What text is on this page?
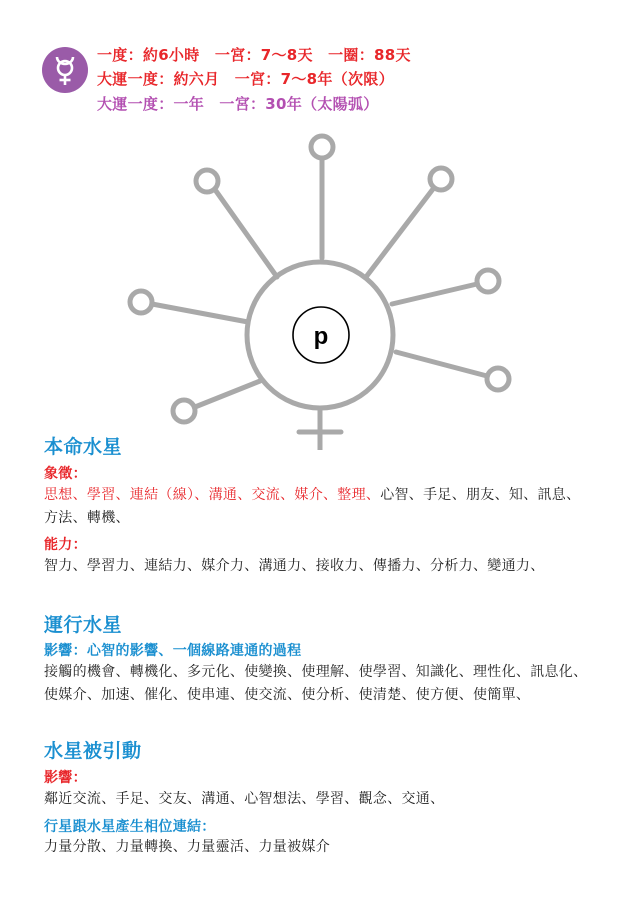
一度：約6小時　一宮：7～8天　一圈：88天
大運一度：約六月　一宮：7～8年（次限）
大運一度：一年　一宮：30年（太陽弧）
p
本命水星
象徵：
思想、學習、連結（線）、溝通、交流、媒介、整理、心智、手足、朋友、知、訊息、方法、轉機、
能力：
智力、學習力、連結力、媒介力、溝通力、接收力、傳播力、分析力、變通力、
運行水星
影響：心智的影響、一個線路連通的過程
接觸的機會、轉機化、多元化、使變換、使理解、使學習、知識化、理性化、訊息化、使媒介、加速、催化、使串連、使交流、使分析、使清楚、使方便、使簡單、
水星被引動
影響：
鄰近交流、手足、交友、溝通、心智想法、學習、觀念、交通、
行星跟水星產生相位連結：
力量分散、力量轉換、力量靈活、力量被媒介
